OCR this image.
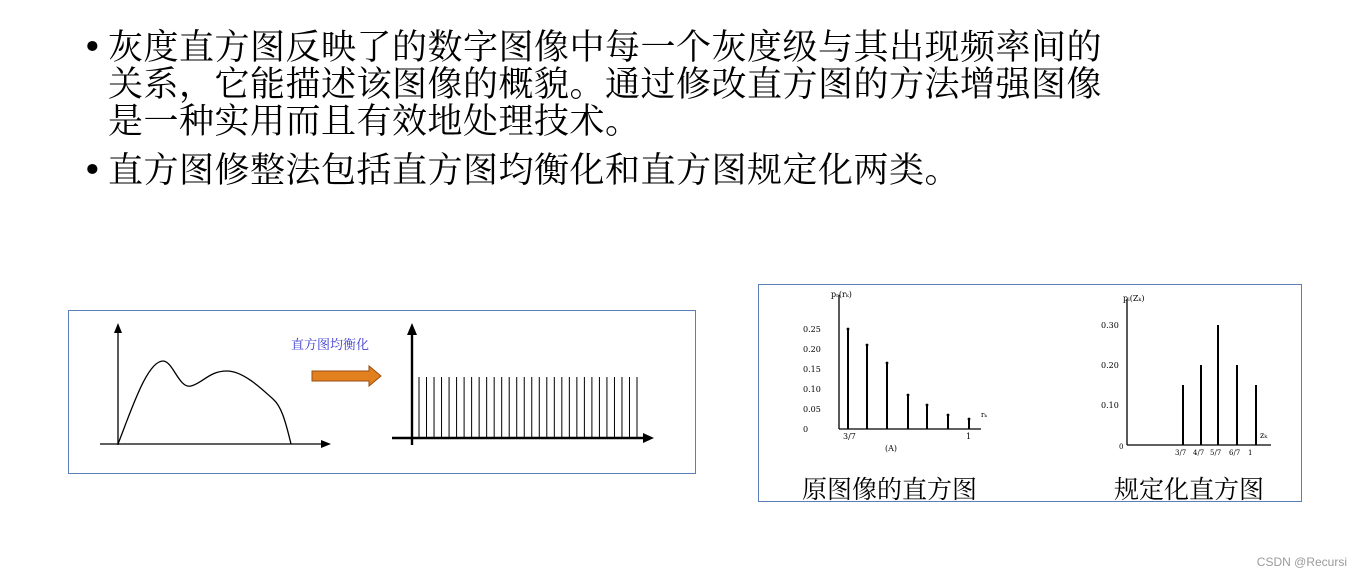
• 灰度直方图反映了的数字图像中每一个灰度级与其出现频率间的
关系，它能描述该图像的概貌。通过修改直方图的方法增强图像
是一种实用而且有效地处理技术。
• 直方图修整法包括直方图均衡化和直方图规定化两类。
直方图均衡化
pᵣ(rₖ)
rₖ
(A)
3/7	1
0.25
0.20
0.15
0.10
0.05
0
pᵢ(Zₖ)
zₖ
0
0.30
0.20
0.10
3/7 4/7 5/7 6/7 1
原图像的直方图	规定化直方图
CSDN @Recursi
